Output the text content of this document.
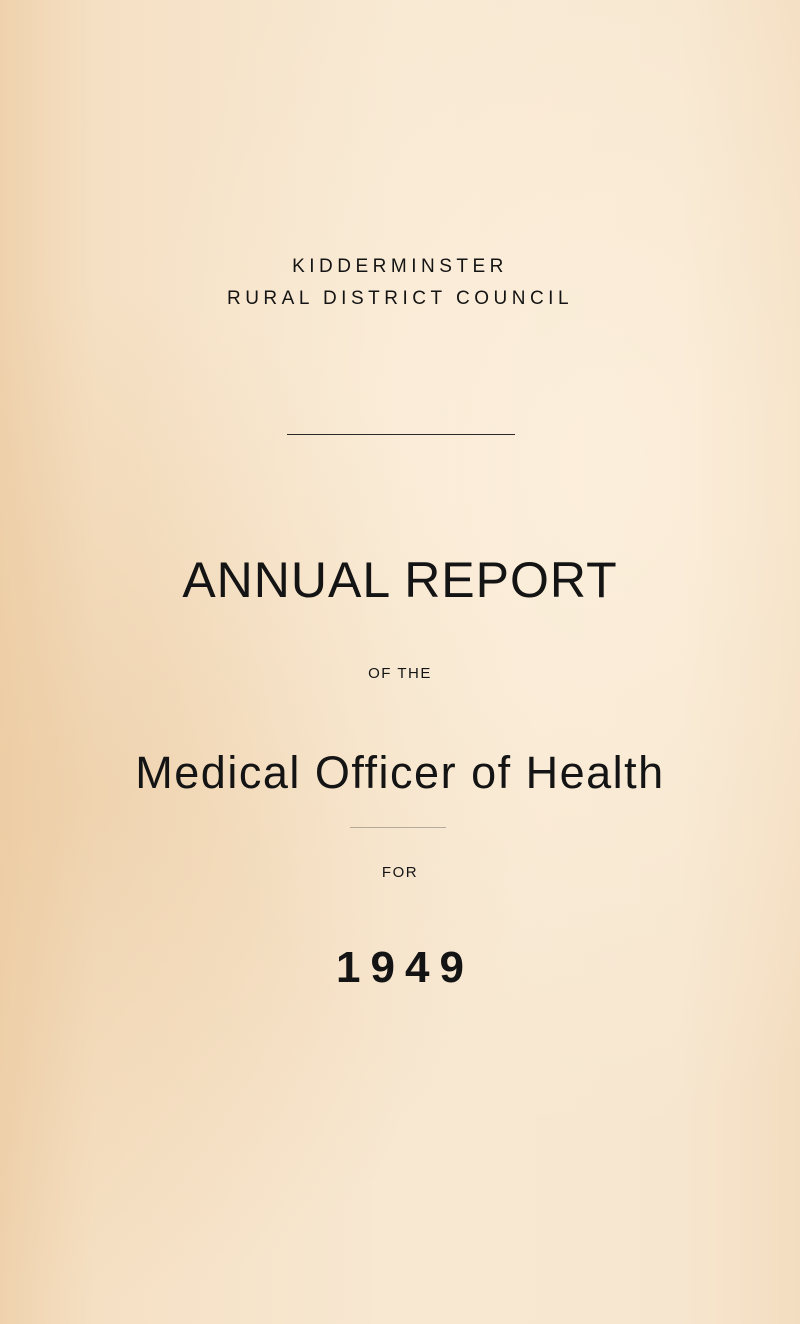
KIDDERMINSTER
RURAL DISTRICT COUNCIL
ANNUAL REPORT
OF THE
Medical Officer of Health
FOR
1949
